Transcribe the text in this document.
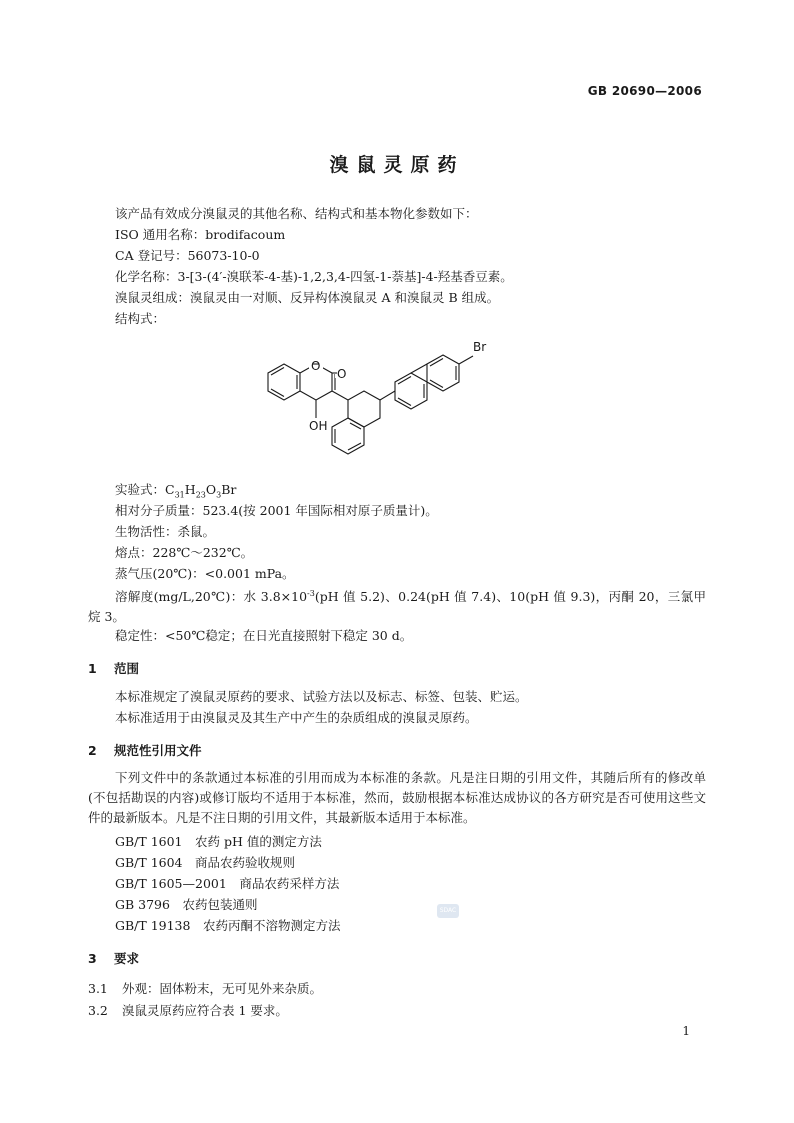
GB 20690—2006
溴鼠灵原药
该产品有效成分溴鼠灵的其他名称、结构式和基本物化参数如下：
ISO 通用名称：brodifacoum
CA 登记号：56073-10-0
化学名称：3-[3-(4′-溴联苯-4-基)-1,2,3,4-四氢-1-萘基]-4-羟基香豆素。
溴鼠灵组成：溴鼠灵由一对顺、反异构体溴鼠灵 A 和溴鼠灵 B 组成。
结构式：
O
O
OH
Br
实验式：$C_{31}H_{23}O_3Br$
相对分子质量：523.4(按 2001 年国际相对原子质量计)。
生物活性：杀鼠。
熔点：228℃～232℃。
蒸气压(20℃)：<0.001 mPa。
溶解度(mg/L,20℃)：水 $3.8\times 10^{-3}(pH$ 值 5.2)、0.24(pH 值 7.4)、10(pH 值 9.3)，丙酮 20，三氯甲烷 3。
稳定性：<50℃稳定；在日光直接照射下稳定 30 d。
1 范围
本标准规定了溴鼠灵原药的要求、试验方法以及标志、标签、包装、贮运。
本标准适用于由溴鼠灵及其生产中产生的杂质组成的溴鼠灵原药。
2 规范性引用文件
下列文件中的条款通过本标准的引用而成为本标准的条款。凡是注日期的引用文件，其随后所有的修改单(不包括勘误的内容)或修订版均不适用于本标准，然而，鼓励根据本标准达成协议的各方研究是否可使用这些文件的最新版本。凡是不注日期的引用文件，其最新版本适用于本标准。
GB/T 1601　农药 pH 值的测定方法
GB/T 1604　商品农药验收规则
GB/T 1605—2001　商品农药采样方法
GB 3796　农药包装通则
GB/T 19138　农药丙酮不溶物测定方法
SDAC
3 要求
3.1 外观：固体粉末，无可见外来杂质。
3.2 溴鼠灵原药应符合表 1 要求。
1
